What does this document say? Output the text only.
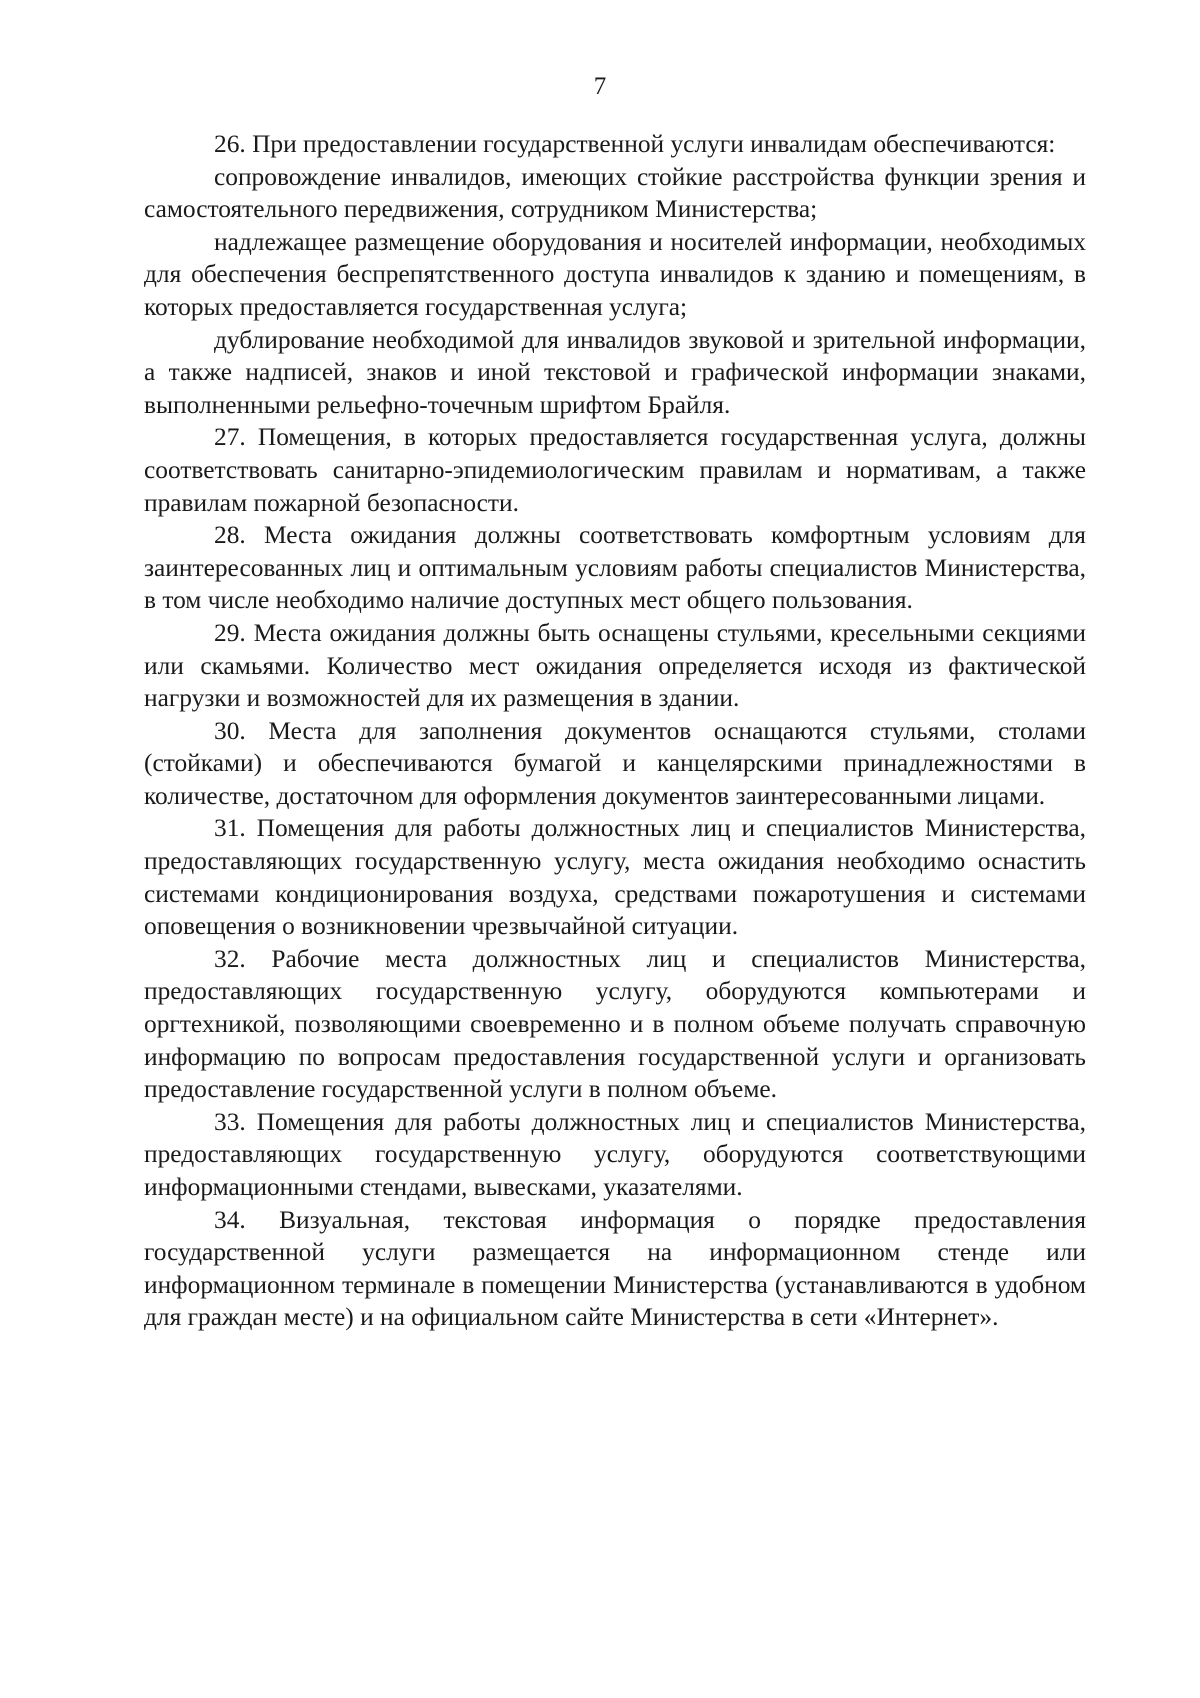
7

26. При предоставлении государственной услуги инвалидам обеспечиваются:

сопровождение инвалидов, имеющих стойкие расстройства функции зрения и самостоятельного передвижения, сотрудником Министерства;

надлежащее размещение оборудования и носителей информации, необходимых для обеспечения беспрепятственного доступа инвалидов к зданию и помещениям, в которых предоставляется государственная услуга;

дублирование необходимой для инвалидов звуковой и зрительной информации, а также надписей, знаков и иной текстовой и графической информации знаками, выполненными рельефно-точечным шрифтом Брайля.

27. Помещения, в которых предоставляется государственная услуга, должны соответствовать санитарно-эпидемиологическим правилам и нормативам, а также правилам пожарной безопасности.

28. Места ожидания должны соответствовать комфортным условиям для заинтересованных лиц и оптимальным условиям работы специалистов Министерства, в том числе необходимо наличие доступных мест общего пользования.

29. Места ожидания должны быть оснащены стульями, кресельными секциями или скамьями. Количество мест ожидания определяется исходя из фактической нагрузки и возможностей для их размещения в здании.

30. Места для заполнения документов оснащаются стульями, столами (стойками) и обеспечиваются бумагой и канцелярскими принадлежностями в количестве, достаточном для оформления документов заинтересованными лицами.

31. Помещения для работы должностных лиц и специалистов Министерства, предоставляющих государственную услугу, места ожидания необходимо оснастить системами кондиционирования воздуха, средствами пожаротушения и системами оповещения о возникновении чрезвычайной ситуации.

32. Рабочие места должностных лиц и специалистов Министерства, предоставляющих государственную услугу, оборудуются компьютерами и оргтехникой, позволяющими своевременно и в полном объеме получать справочную информацию по вопросам предоставления государственной услуги и организовать предоставление государственной услуги в полном объеме.

33. Помещения для работы должностных лиц и специалистов Министерства, предоставляющих государственную услугу, оборудуются соответствующими информационными стендами, вывесками, указателями.

34. Визуальная, текстовая информация о порядке предоставления государственной услуги размещается на информационном стенде или информационном терминале в помещении Министерства (устанавливаются в удобном для граждан месте) и на официальном сайте Министерства в сети «Интернет».
